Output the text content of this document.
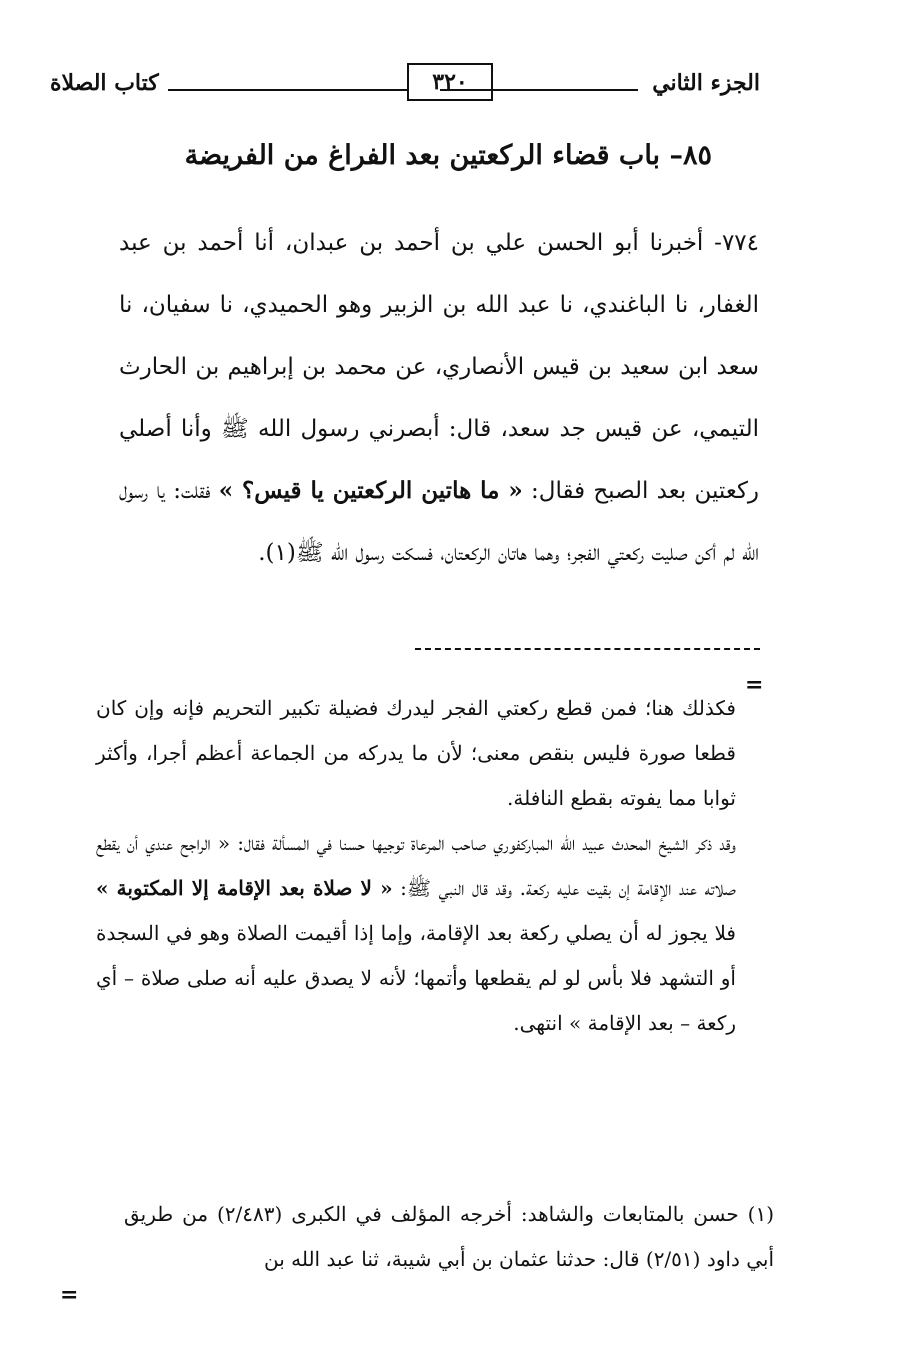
الجزء الثاني
٣٢٠
كتاب الصلاة
٨٥– باب قضاء الركعتين بعد الفراغ من الفريضة

٧٧٤- أخبرنا أبو الحسن علي بن أحمد بن عبدان، أنا أحمد بن عبد الغفار، نا الباغندي، نا عبد الله بن الزبير وهو الحميدي، نا سفيان، نا سعد ابن سعيد بن قيس الأنصاري، عن محمد بن إبراهيم بن الحارث التيمي، عن قيس جد سعد، قال: أبصرني رسول الله ﷺ وأنا أصلي ركعتين بعد الصبح فقال: « ما هاتين الركعتين يا قيس؟ » فقلت: يا رسول الله لم أكن صليت ركعتي الفجر؛ وهما هاتان الركعتان، فسكت رسول الله ﷺ(١).

=

فكذلك هنا؛ فمن قطع ركعتي الفجر ليدرك فضيلة تكبير التحريم فإنه وإن كان قطعا صورة فليس بنقص معنى؛ لأن ما يدركه من الجماعة أعظم أجرا، وأكثر ثوابا مما يفوته بقطع النافلة.

وقد ذكر الشيخ المحدث عبيد الله المباركفوري صاحب المرعاة توجيها حسنا في المسألة فقال: « الراجح عندي أن يقطع صلاته عند الإقامة إن بقيت عليه ركعة. وقد قال النبي ﷺ: « لا صلاة بعد الإقامة إلا المكتوبة » فلا يجوز له أن يصلي ركعة بعد الإقامة، وإما إذا أقيمت الصلاة وهو في السجدة أو التشهد فلا بأس لو لم يقطعها وأتمها؛ لأنه لا يصدق عليه أنه صلى صلاة – أي ركعة – بعد الإقامة » انتهى.

(١) حسن بالمتابعات والشاهد: أخرجه المؤلف في الكبرى (٢/٤٨٣) من طريق أبي داود (٢/٥١) قال: حدثنا عثمان بن أبي شيبة، ثنا عبد الله بن

=
